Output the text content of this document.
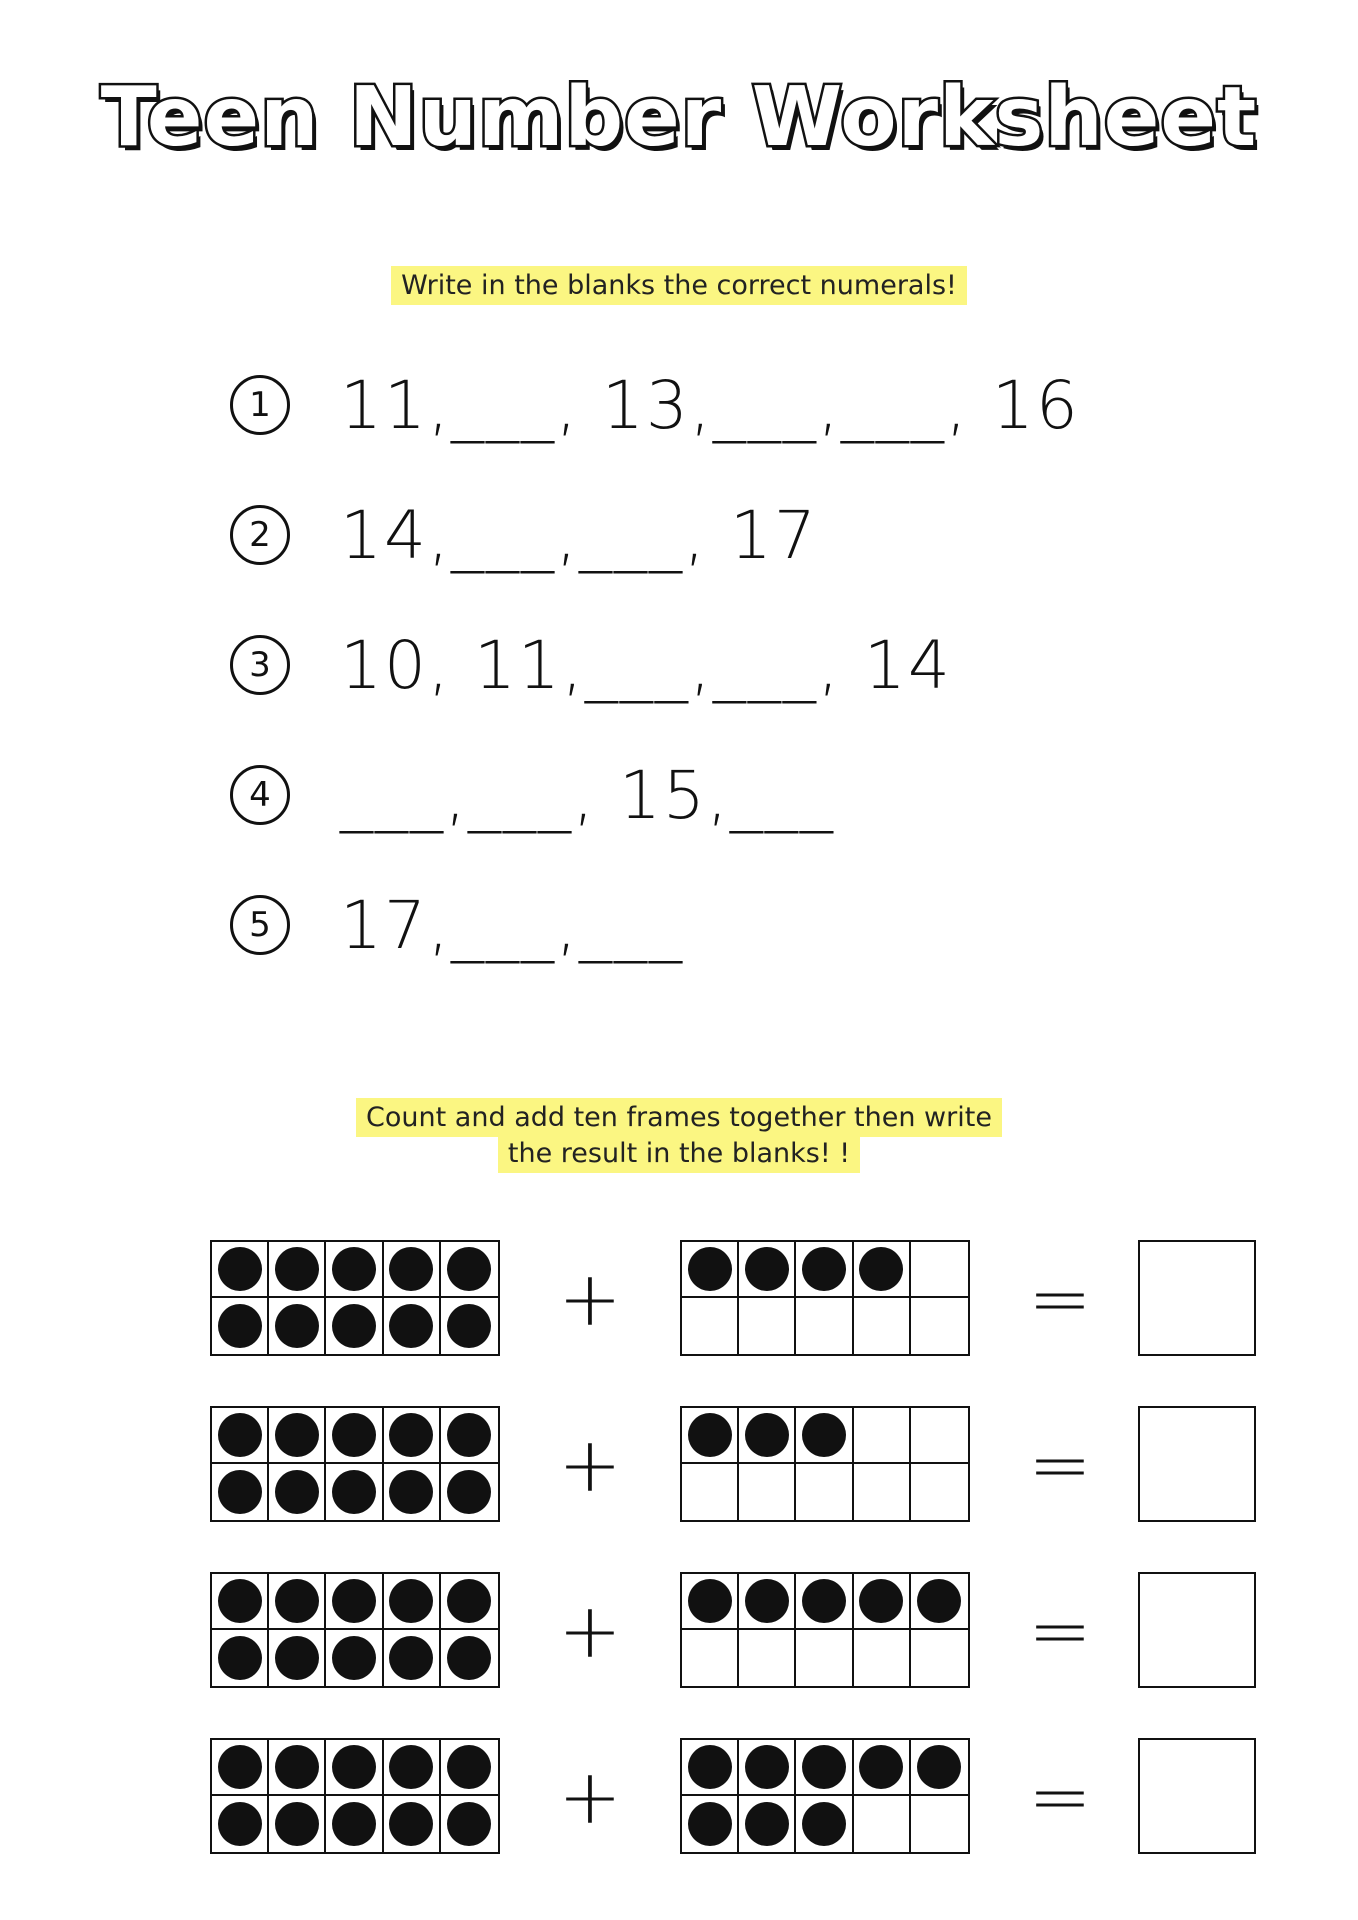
Teen Number Worksheet
Write in the blanks the correct numerals!
1 11,___, 13,___,___, 16
2 14,___,___, 17
3 10, 11,___,___, 14
4 ___,___, 15,___
5 17,___,___
Count and add ten frames together then write
the result in the blanks! !
+	=
+	=
+	=
+	=
